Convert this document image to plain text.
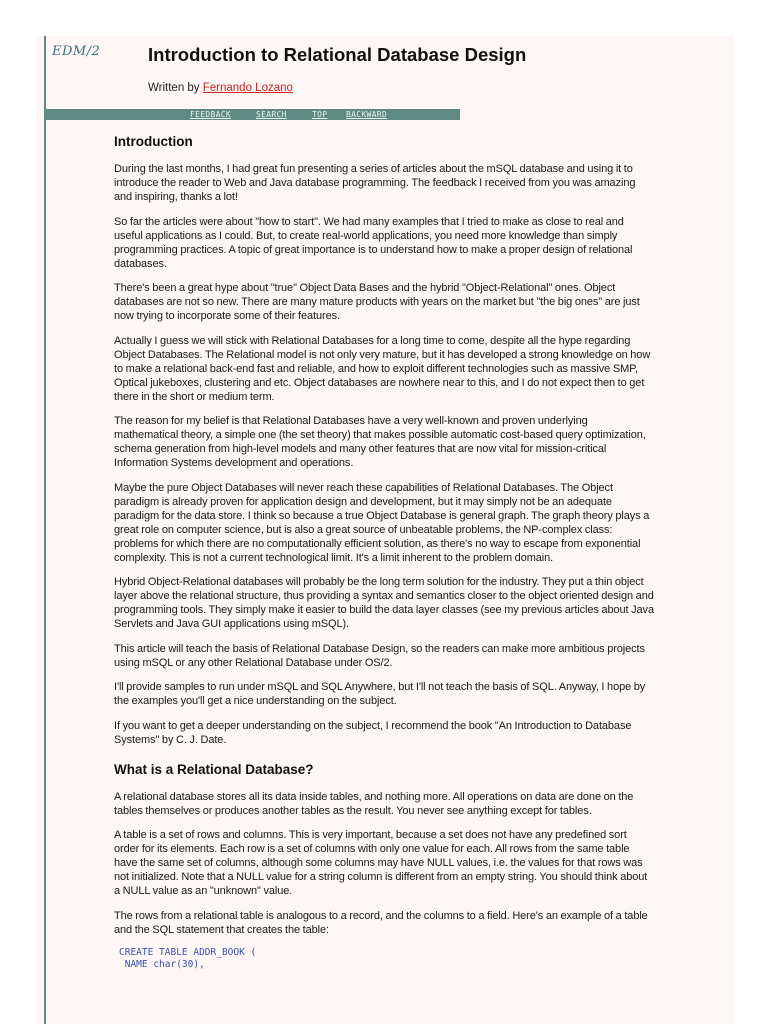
EDM/2	Introduction to Relational Database Design
Written by Fernando Lozano
FEEDBACK	SEARCH	TOP BACKWARD
Introduction

During the last months, I had great fun presenting a series of articles about the mSQL database and using it to introduce the reader to Web and Java database programming. The feedback I received from you was amazing and inspiring, thanks a lot!

So far the articles were about "how to start". We had many examples that I tried to make as close to real and useful applications as I could. But, to create real-world applications, you need more knowledge than simply programming practices. A topic of great importance is to understand how to make a proper design of relational databases.

There's been a great hype about "true" Object Data Bases and the hybrid "Object-Relational" ones. Object databases are not so new. There are many mature products with years on the market but "the big ones" are just now trying to incorporate some of their features.

Actually I guess we will stick with Relational Databases for a long time to come, despite all the hype regarding Object Databases. The Relational model is not only very mature, but it has developed a strong knowledge on how to make a relational back-end fast and reliable, and how to exploit different technologies such as massive SMP, Optical jukeboxes, clustering and etc. Object databases are nowhere near to this, and I do not expect then to get there in the short or medium term.

The reason for my belief is that Relational Databases have a very well-known and proven underlying mathematical theory, a simple one (the set theory) that makes possible automatic cost-based query optimization, schema generation from high-level models and many other features that are now vital for mission-critical Information Systems development and operations.

Maybe the pure Object Databases will never reach these capabilities of Relational Databases. The Object paradigm is already proven for application design and development, but it may simply not be an adequate paradigm for the data store. I think so because a true Object Database is general graph. The graph theory plays a great role on computer science, but is also a great source of unbeatable problems, the NP-complex class: problems for which there are no computationally efficient solution, as there's no way to escape from exponential complexity. This is not a current technological limit. It's a limit inherent to the problem domain.

Hybrid Object-Relational databases will probably be the long term solution for the industry. They put a thin object layer above the relational structure, thus providing a syntax and semantics closer to the object oriented design and programming tools. They simply make it easier to build the data layer classes (see my previous articles about Java Servlets and Java GUI applications using mSQL).

This article will teach the basis of Relational Database Design, so the readers can make more ambitious projects using mSQL or any other Relational Database under OS/2.

I'll provide samples to run under mSQL and SQL Anywhere, but I'll not teach the basis of SQL. Anyway, I hope by the examples you'll get a nice understanding on the subject.

If you want to get a deeper understanding on the subject, I recommend the book "An Introduction to Database Systems" by C. J. Date.

What is a Relational Database?

A relational database stores all its data inside tables, and nothing more. All operations on data are done on the tables themselves or produces another tables as the result. You never see anything except for tables.

A table is a set of rows and columns. This is very important, because a set does not have any predefined sort order for its elements. Each row is a set of columns with only one value for each. All rows from the same table have the same set of columns, although some columns may have NULL values, i.e. the values for that rows was not initialized. Note that a NULL value for a string column is different from an empty string. You should think about a NULL value as an "unknown" value.

The rows from a relational table is analogous to a record, and the columns to a field. Here's an example of a table and the SQL statement that creates the table:

CREATE TABLE ADDR_BOOK (
NAME char(30),
